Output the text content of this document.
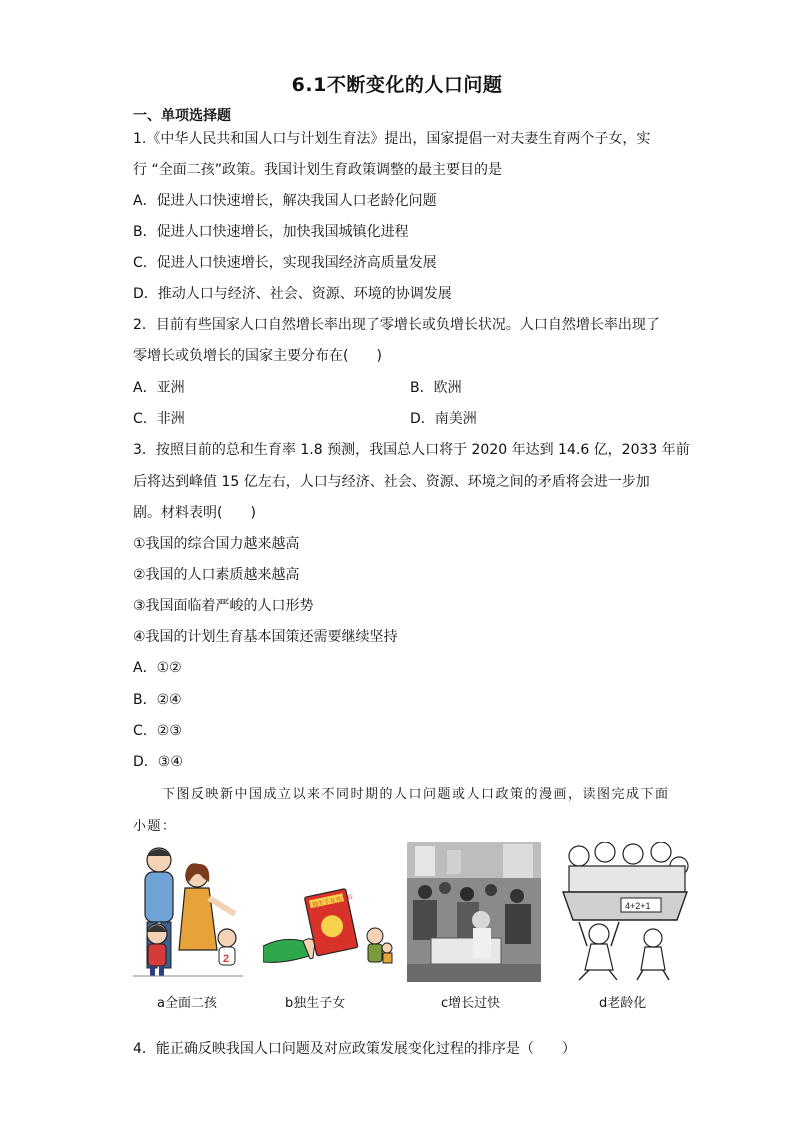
6.1不断变化的人口问题
一、单项选择题
1.《中华人民共和国人口与计划生育法》提出，国家提倡一对夫妻生育两个子女，实
行 “全面二孩”政策。我国计划生育政策调整的最主要目的是
A．促进人口快速增长，解决我国人口老龄化问题
B．促进人口快速增长，加快我国城镇化进程
C．促进人口快速增长，实现我国经济高质量发展
D．推动人口与经济、社会、资源、环境的协调发展
2．目前有些国家人口自然增长率出现了零增长或负增长状况。人口自然增长率出现了
零增长或负增长的国家主要分布在(　　)
A．亚洲	B．欧洲
C．非洲	D．南美洲
3．按照目前的总和生育率 1.8 预测，我国总人口将于 2020 年达到 14.6 亿，2033 年前
后将达到峰值 15 亿左右，人口与经济、社会、资源、环境之间的矛盾将会进一步加
剧。材料表明(　　)
①我国的综合国力越来越高
②我国的人口素质越来越高
③我国面临着严峻的人口形势
④我国的计划生育基本国策还需要继续坚持
A．①②
B．②④
C．②③
D．③④
下图反映新中国成立以来不同时期的人口问题或人口政策的漫画，读图完成下面
小题：
2
a全面二孩
独生子女光荣证
b独生子女	c增长过快
4+2+1
d老龄化
4．能正确反映我国人口问题及对应政策发展变化过程的排序是（　　）
